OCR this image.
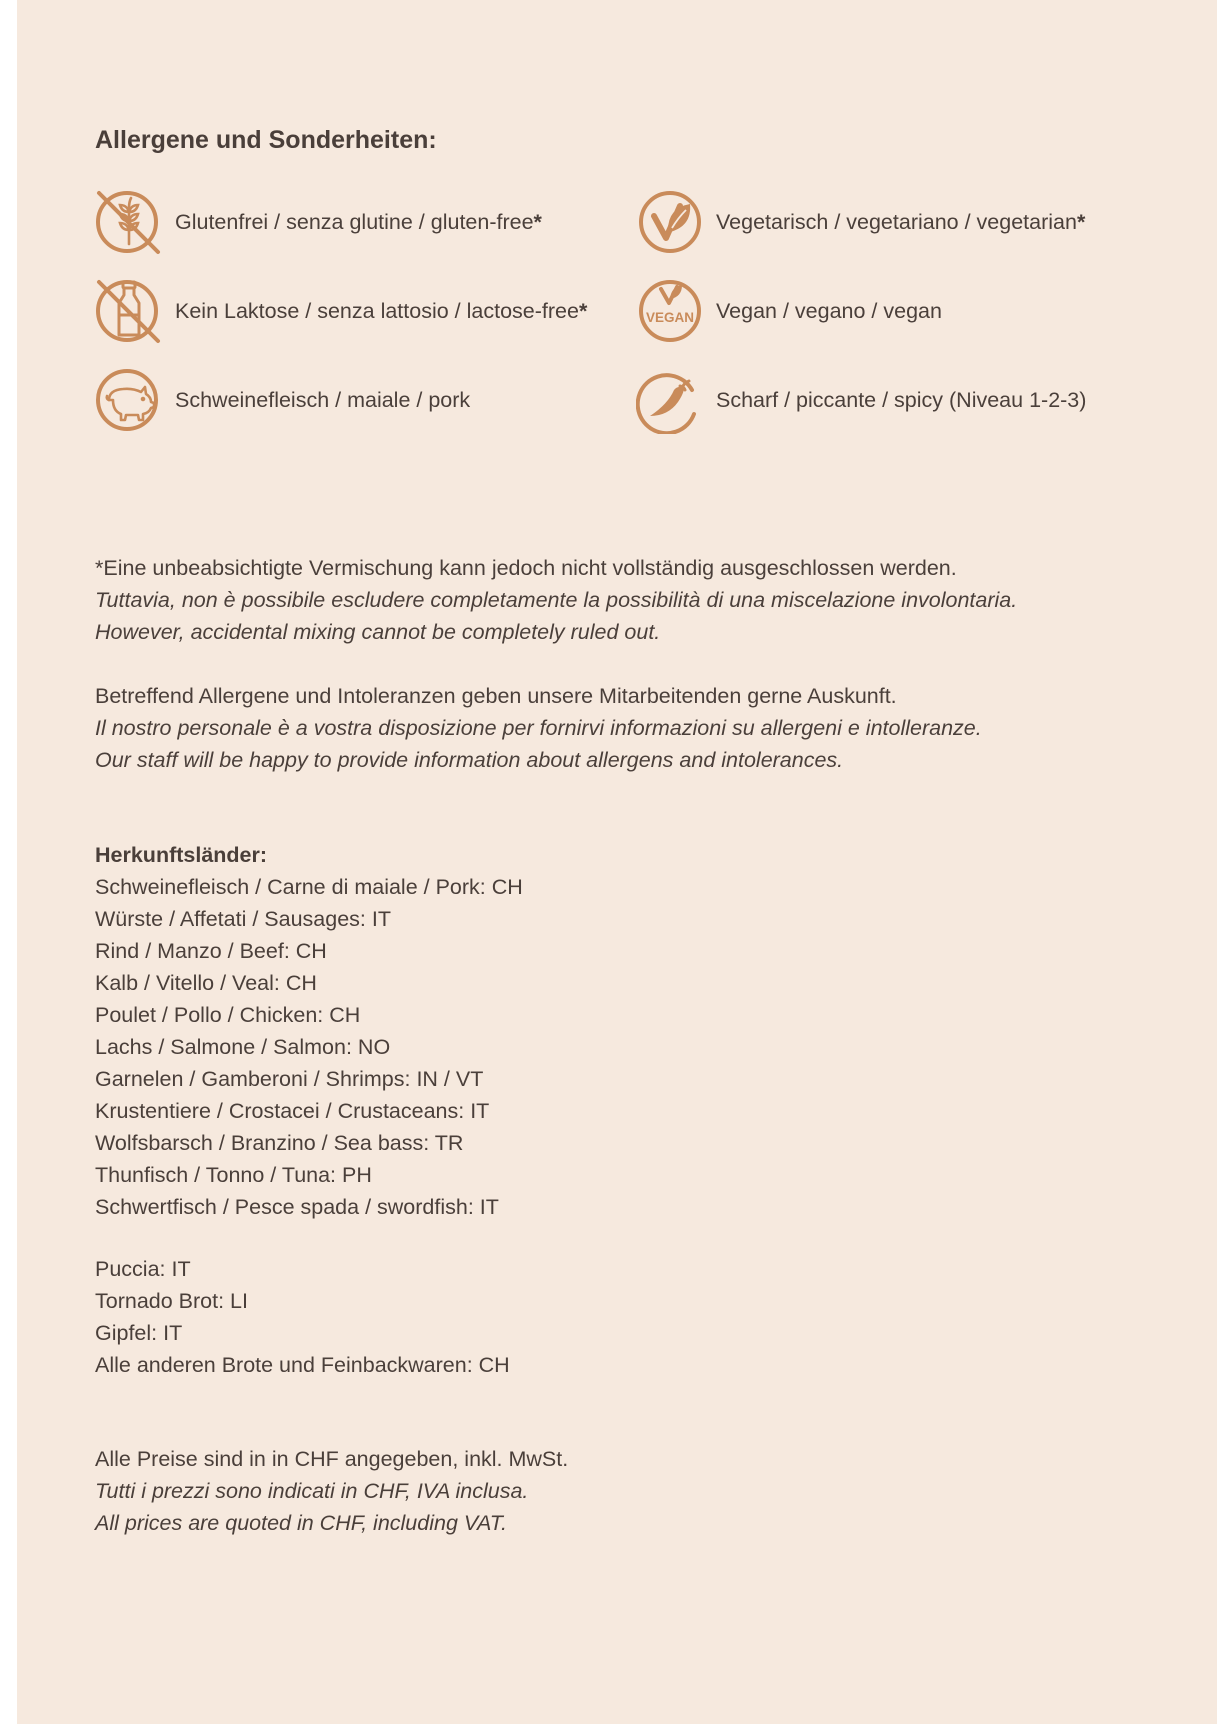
Allergene und Sonderheiten:
Glutenfrei / senza glutine / gluten-free*
Kein Laktose / senza lattosio / lactose-free*
Schweinefleisch / maiale / pork
Vegetarisch / vegetariano / vegetarian*
VEGAN Vegan / vegano / vegan
Scharf / piccante / spicy (Niveau 1-2-3)
*Eine unbeabsichtigte Vermischung kann jedoch nicht vollständig ausgeschlossen werden.
Tuttavia, non è possibile escludere completamente la possibilità di una miscelazione involontaria.
However, accidental mixing cannot be completely ruled out.
Betreffend Allergene und Intoleranzen geben unsere Mitarbeitenden gerne Auskunft.
Il nostro personale è a vostra disposizione per fornirvi informazioni su allergeni e intolleranze.
Our staff will be happy to provide information about allergens and intolerances.
Herkunftsländer:
Schweinefleisch / Carne di maiale / Pork: CH
Würste / Affetati / Sausages: IT
Rind / Manzo / Beef: CH
Kalb / Vitello / Veal: CH
Poulet / Pollo / Chicken: CH
Lachs / Salmone / Salmon: NO
Garnelen / Gamberoni / Shrimps: IN / VT
Krustentiere / Crostacei / Crustaceans: IT
Wolfsbarsch / Branzino / Sea bass: TR
Thunfisch / Tonno / Tuna: PH
Schwertfisch / Pesce spada / swordfish: IT
Puccia: IT
Tornado Brot: LI
Gipfel: IT
Alle anderen Brote und Feinbackwaren: CH
Alle Preise sind in in CHF angegeben, inkl. MwSt.
Tutti i prezzi sono indicati in CHF, IVA inclusa.
All prices are quoted in CHF, including VAT.
